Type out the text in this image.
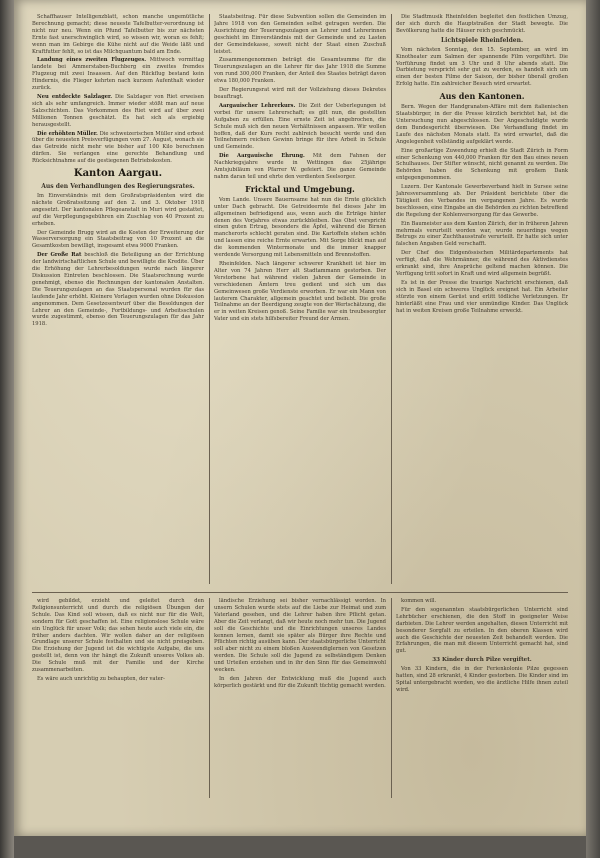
Schaffhauser Intelligenzblatt, schon manche ungemütliche Berechnung gemacht; diese neueste Tafelbutter-verordnung ist nicht nur neu. Wenn ein Pfund Tafelbutter bis zur nächsten Ernte fast unerschwinglich wird, so wissen wir, woran es fehlt; wenn man im Gebirge die Kühe nicht auf die Weide läßt und Kraftfutter fehlt, so ist das Milchquantum bald am Ende.

Landung eines zweiten Flugzeuges. Mittwoch vormittag landete bei Ammerstaben-Buchberg ein zweites fremdes Flugzeug mit zwei Insassen. Auf den Rückflug bestand kein Hindernis, die Flieger kehrten nach kurzem Aufenthalt wieder zurück.

Neu entdeckte Salzlager. Die Salzlager von Riet erweisen sich als sehr umfangreich. Immer wieder stößt man auf neue Salzschichten. Das Vorkommen des Riet wird auf über zwei Millionen Tonnen geschätzt. Es hat sich als ergiebig herausgestellt.

Die erhöhten Müller. Die schweizerischen Müller sind erbost über die neuesten Preisverfügungen vom 27. August, wonach sie das Getreide nicht mehr wie bisher auf 100 Kilo berechnen dürfen. Sie verlangen eine gerechte Behandlung und Rücksichtnahme auf die gestiegenen Betriebskosten.

Kanton Aargau.
Aus den Verhandlungen des Regierungsrates.

Im Einverständnis mit dem Großratspräsidenten wird die nächste Großratssitzung auf den 2. und 3. Oktober 1918 angesetzt. Der kantonalen Pflegeanstalt in Muri wird gestattet, auf die Verpflegungsgebühren ein Zuschlag von 40 Prozent zu erheben.

Der Gemeinde Brugg wird an die Kosten der Erweiterung der Wasserversorgung ein Staatsbeitrag von 10 Prozent an die Gesamtkosten bewilligt, insgesamt etwa 9000 Franken.

Der Große Rat beschloß die Beteiligung an der Errichtung der landwirtschaftlichen Schule und bewilligte die Kredite. Über die Erhöhung der Lehrerbesoldungen wurde nach längerer Diskussion Eintreten beschlossen. Die Staatsrechnung wurde genehmigt, ebenso die Rechnungen der kantonalen Anstalten. Die Teuerungszulagen an das Staatspersonal wurden für das laufende Jahr erhöht. Kleinere Vorlagen wurden ohne Diskussion angenommen. Dem Gesetzesentwurf über die Besoldungen der Lehrer an den Gemeinde-, Fortbildungs- und Arbeitsschulen wurde zugestimmt, ebenso den Teuerungszulagen für das Jahr 1918.

Staatsbeitrag. Für diese Subvention sollen die Gemeinden im Jahre 1918 von den Gemeinden selbst getragen werden. Die Ausrichtung der Teuerungszulagen an Lehrer und Lehrerinnen geschieht im Einverständnis mit der Gemeinde und zu Lasten der Gemeindekasse, soweit nicht der Staat einen Zuschuß leistet.

Zusammengenommen beträgt die Gesamtsumme für die Teuerungszulagen an die Lehrer für das Jahr 1918 die Summe von rund 300,000 Franken, der Anteil des Staates beträgt davon etwa 180,000 Franken.

Der Regierungsrat wird mit der Vollziehung dieses Dekretes beauftragt.

Aargauischer Lehrerkurs. Die Zeit der Ueberlegungen ist vorbei für unsere Lehrerschaft; es gilt nun, die gestellten Aufgaben zu erfüllen. Eine ernste Zeit ist angebrochen, die Schule muß sich den neuen Verhältnissen anpassen. Wir wollen hoffen, daß der Kurs recht zahlreich besucht werde und den Teilnehmern reichen Gewinn bringe für ihre Arbeit in Schule und Gemeinde.

Die Aargauische Ehrung. Mit dem Fahnen der Nachkriegsjahre wurde in Wettingen das 25jährige Amtsjubiläum von Pfarrer W. gefeiert. Die ganze Gemeinde nahm daran teil und ehrte den verdienten Seelsorger.

Fricktal und Umgebung.

Vom Lande. Unsere Bauernsame hat nun die Ernte glücklich unter Dach gebracht. Die Getreideernte fiel dieses Jahr im allgemeinen befriedigend aus, wenn auch die Erträge hinter denen des Vorjahres etwas zurückbleiben. Das Obst verspricht einen guten Ertrag, besonders die Äpfel, während die Birnen mancherorts schlecht geraten sind. Die Kartoffeln stehen schön und lassen eine reiche Ernte erwarten. Mit Sorge blickt man auf die kommenden Wintermonate und die immer knapper werdende Versorgung mit Lebensmitteln und Brennstoffen.

Rheinfelden. Nach längerer schwerer Krankheit ist hier im Alter von 74 Jahren Herr alt Stadtammann gestorben. Der Verstorbene hat während vielen Jahren der Gemeinde in verschiedenen Ämtern treu gedient und sich um das Gemeinwesen große Verdienste erworben. Er war ein Mann von lauterem Charakter, allgemein geachtet und beliebt. Die große Teilnahme an der Beerdigung zeugte von der Wertschätzung, die er in weiten Kreisen genoß. Seine Familie war ein treubesorgter Vater und ein stets hilfsbereiter Freund der Armen.

Die Stadtmusik Rheinfelden begleitet den festlichen Umzug, der sich durch die Hauptstraßen der Stadt bewegte. Die Bevölkerung hatte die Häuser reich geschmückt.

Lichtspiele Rheinfelden.

Vom nächsten Sonntag, den 15. September, an wird im Kinotheater zum Salmen der spannende Film vorgeführt. Die Vorführung findet um 3 Uhr und 8 Uhr abends statt. Die Darbietung verspricht sehr gut zu werden, es handelt sich um einen der besten Filme der Saison, der bisher überall großen Erfolg hatte. Ein zahlreicher Besuch wird erwartet.

Aus den Kantonen.

Bern. Wegen der Handgranaten-Affäre mit dem italienischen Staatsbürger, in der die Presse kürzlich berichtet hat, ist die Untersuchung nun abgeschlossen. Der Angeschuldigte wurde dem Bundesgericht überwiesen. Die Verhandlung findet im Laufe des nächsten Monats statt. Es wird erwartet, daß die Angelegenheit vollständig aufgeklärt werde.

Eine großartige Zuwendung erhielt die Stadt Zürich in Form einer Schenkung von 440,000 Franken für den Bau eines neuen Schulhauses. Der Stifter wünscht, nicht genannt zu werden. Die Behörden haben die Schenkung mit großem Dank entgegengenommen.

Luzern. Der Kantonale Gewerbeverband hielt in Sursee seine Jahresversammlung ab. Der Präsident berichtete über die Tätigkeit des Verbandes im vergangenen Jahre. Es wurde beschlossen, eine Eingabe an die Behörden zu richten betreffend die Regelung der Kohlenversorgung für das Gewerbe.

Ein Baumeister aus dem Kanton Zürich, der in früheren Jahren mehrmals verurteilt worden war, wurde neuerdings wegen Betrugs zu einer Zuchthausstrafe verurteilt. Er hatte sich unter falschen Angaben Geld verschafft.

Der Chef des Eidgenössischen Militärdepartements hat verfügt, daß die Wehrmänner, die während des Aktivdienstes erkrankt sind, ihre Ansprüche geltend machen können. Die Verfügung tritt sofort in Kraft und wird allgemein begrüßt.

Es ist in der Presse die traurige Nachricht erschienen, daß sich in Basel ein schweres Unglück ereignet hat. Ein Arbeiter stürzte von einem Gerüst und erlitt tödliche Verletzungen. Er hinterläßt eine Frau und vier unmündige Kinder. Das Unglück hat in weiten Kreisen große Teilnahme erweckt.

wird gebildet, erzieht und geleitet durch den Religionsunterricht und durch die religiösen Übungen der Schule. Das Kind soll wissen, daß es nicht nur für die Welt, sondern für Gott geschaffen ist. Eine religionslose Schule wäre ein Unglück für unser Volk; das sehen heute auch viele ein, die früher anders dachten. Wir wollen daher an der religiösen Grundlage unserer Schule festhalten und sie nicht preisgeben. Die Erziehung der Jugend ist die wichtigste Aufgabe, die uns gestellt ist, denn von ihr hängt die Zukunft unseres Volkes ab. Die Schule muß mit der Familie und der Kirche zusammenarbeiten.

Es wäre auch unrichtig zu behaupten, der vater-

ländische Erziehung sei bisher vernachlässigt worden. In unsern Schulen wurde stets auf die Liebe zur Heimat und zum Vaterland gesehen, und die Lehrer haben ihre Pflicht getan. Aber die Zeit verlangt, daß wir heute noch mehr tun. Die Jugend soll die Geschichte und die Einrichtungen unseres Landes kennen lernen, damit sie später als Bürger ihre Rechte und Pflichten richtig ausüben kann. Der staatsbürgerliche Unterricht soll aber nicht zu einem bloßen Auswendiglernen von Gesetzen werden. Die Schule soll die Jugend zu selbständigem Denken und Urteilen erziehen und in ihr den Sinn für das Gemeinwohl wecken.

In den Jahren der Entwicklung muß die Jugend auch körperlich gestärkt und für die Zukunft tüchtig gemacht werden.

kommen will.

Für den sogenannten staatsbürgerlichen Unterricht sind Lehrbücher erschienen, die den Stoff in geeigneter Weise darbieten. Die Lehrer werden angehalten, diesen Unterricht mit besonderer Sorgfalt zu erteilen. In den oberen Klassen wird auch die Geschichte der neuesten Zeit behandelt werden. Die Erfahrungen, die man mit diesem Unterricht gemacht hat, sind gut.

33 Kinder durch Pilze vergiftet.

Von 33 Kindern, die in der Ferienkolonie Pilze gegessen hatten, sind 28 erkrankt, 4 Kinder gestorben. Die Kinder sind im Spital untergebracht worden, wo die ärztliche Hilfe ihnen zuteil wird.
